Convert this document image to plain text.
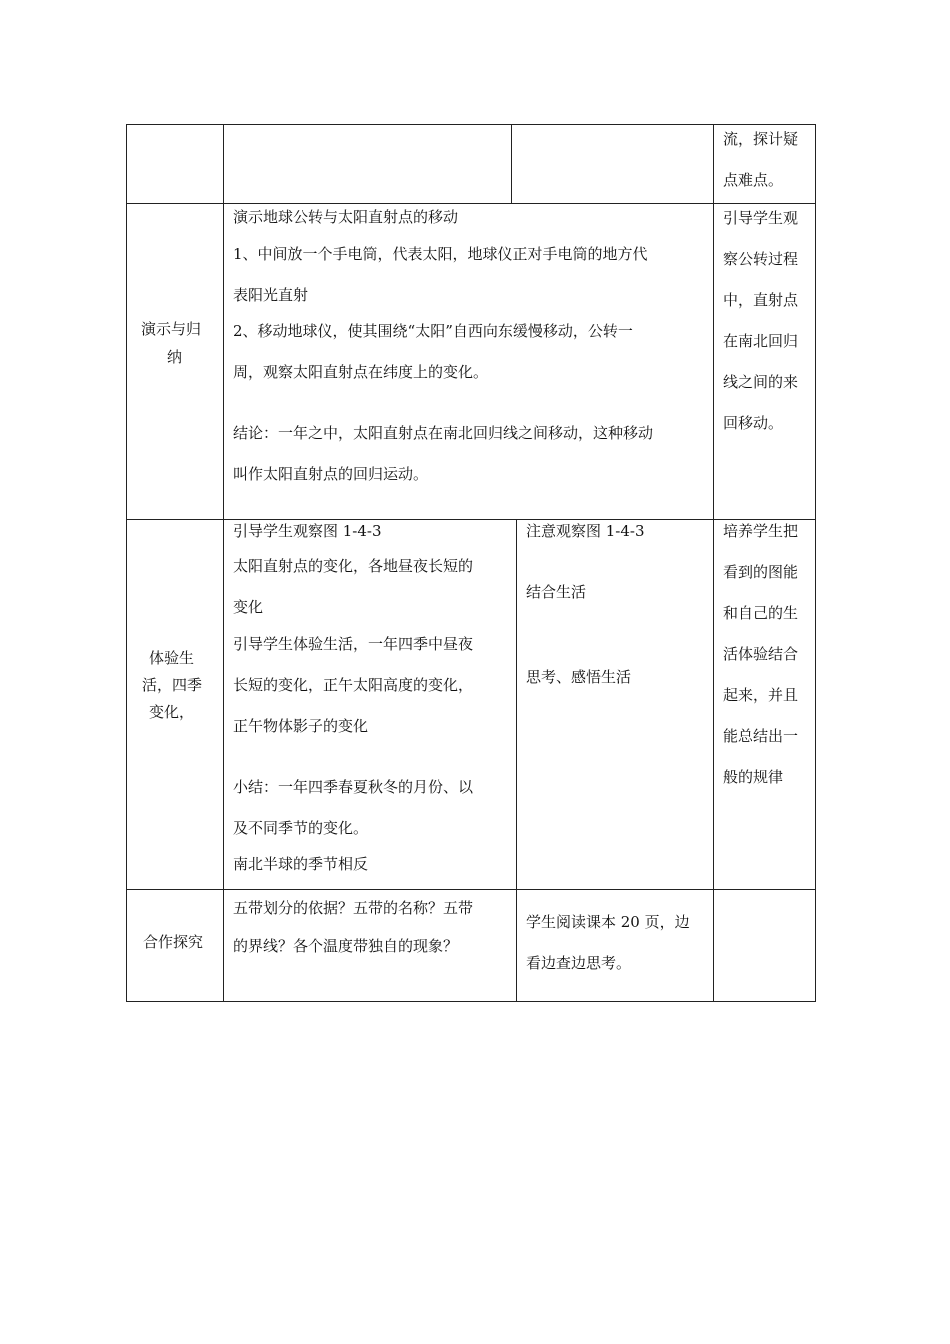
流，探计疑
点难点。
演示与归
纳
演示地球公转与太阳直射点的移动
1、中间放一个手电筒，代表太阳，地球仪正对手电筒的地方代
表阳光直射
2、移动地球仪，使其围绕“太阳”自西向东缓慢移动，公转一
周，观察太阳直射点在纬度上的变化。
结论：一年之中，太阳直射点在南北回归线之间移动，这种移动
叫作太阳直射点的回归运动。
引导学生观
察公转过程
中，直射点
在南北回归
线之间的来
回移动。
体验生
活，四季
变化，
引导学生观察图 1-4-3
太阳直射点的变化，各地昼夜长短的
变化
引导学生体验生活，一年四季中昼夜
长短的变化，正午太阳高度的变化，
正午物体影子的变化
小结：一年四季春夏秋冬的月份、以
及不同季节的变化。
南北半球的季节相反
注意观察图 1-4-3
结合生活
思考、感悟生活
培养学生把
看到的图能
和自己的生
活体验结合
起来，并且
能总结出一
般的规律
合作探究
五带划分的依据？五带的名称？五带
的界线？各个温度带独自的现象？
学生阅读课本 20 页，边
看边查边思考。
